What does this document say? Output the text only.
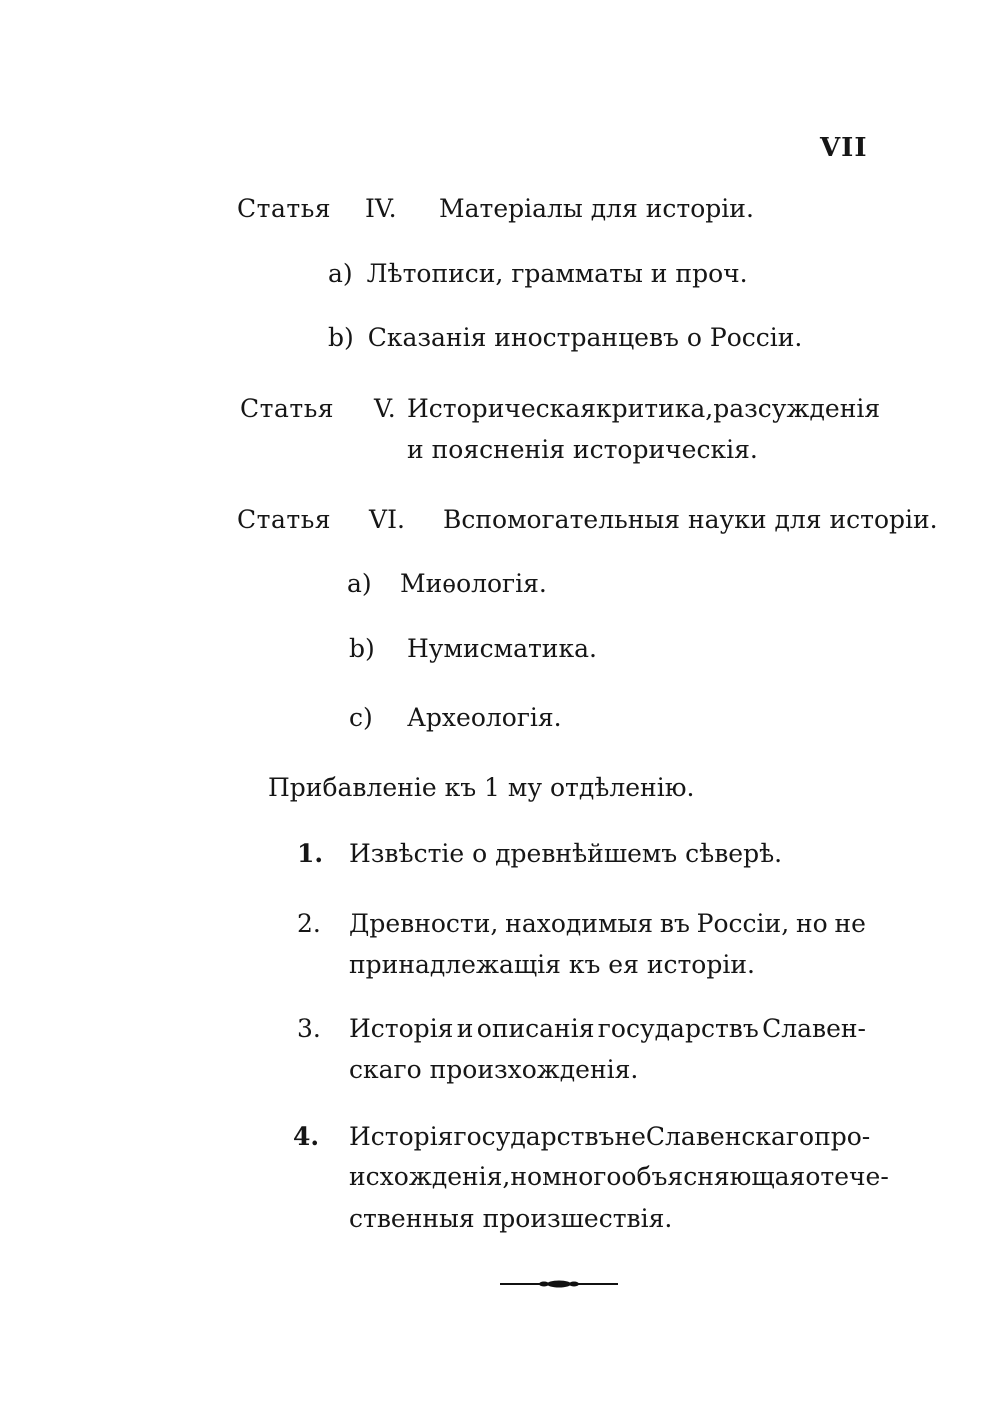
VII
Статья IV. Матеріалы для исторіи.
a) Лѣтописи, грамматы и проч.
b) Сказанія иностранцевъ о Россіи.
Статья V. Историческая критика, разсужденія
и поясненія историческія.
Статья VI. Вспомогательныя науки для исторіи.
a) Миѳологія.
b) Нумисматика.
c) Археологія.
Прибавленіе къ 1 му отдѣленію.
1. Извѣстіе о древнѣйшемъ сѣверѣ.
2. Древности, находимыя въ Россіи, но не
принадлежащія къ ея исторіи.
3. Исторія и описанія государствъ Славен-
скаго произхожденія.
4. Исторія государствъ не Славенскаго про-
исхожденія, но много объясняющая отече-
ственныя произшествія.
